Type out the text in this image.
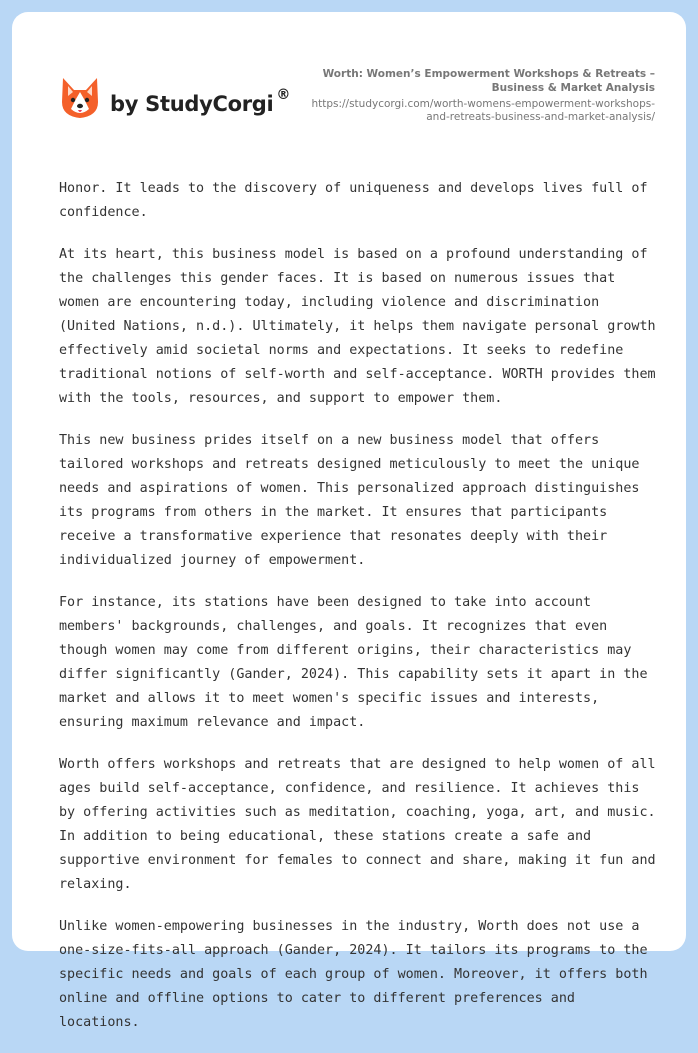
by StudyCorgi ®
Worth: Women’s Empowerment Workshops & Retreats – Business & Market Analysis
https://studycorgi.com/worth-womens-empowerment-workshops-and-retreats-business-and-market-analysis/

Honor. It leads to the discovery of uniqueness and develops lives full of confidence.

At its heart, this business model is based on a profound understanding of the challenges this gender faces. It is based on numerous issues that women are encountering today, including violence and discrimination (United Nations, n.d.). Ultimately, it helps them navigate personal growth effectively amid societal norms and expectations. It seeks to redefine traditional notions of self-worth and self-acceptance. WORTH provides them with the tools, resources, and support to empower them.

This new business prides itself on a new business model that offers tailored workshops and retreats designed meticulously to meet the unique needs and aspirations of women. This personalized approach distinguishes its programs from others in the market. It ensures that participants receive a transformative experience that resonates deeply with their individualized journey of empowerment.

For instance, its stations have been designed to take into account members' backgrounds, challenges, and goals. It recognizes that even though women may come from different origins, their characteristics may differ significantly (Gander, 2024). This capability sets it apart in the market and allows it to meet women's specific issues and interests, ensuring maximum relevance and impact.

Worth offers workshops and retreats that are designed to help women of all ages build self-acceptance, confidence, and resilience. It achieves this by offering activities such as meditation, coaching, yoga, art, and music. In addition to being educational, these stations create a safe and supportive environment for females to connect and share, making it fun and relaxing.

Unlike women-empowering businesses in the industry, Worth does not use a one-size-fits-all approach (Gander, 2024). It tailors its programs to the specific needs and goals of each group of women. Moreover, it offers both online and offline options to cater to different preferences and locations.
